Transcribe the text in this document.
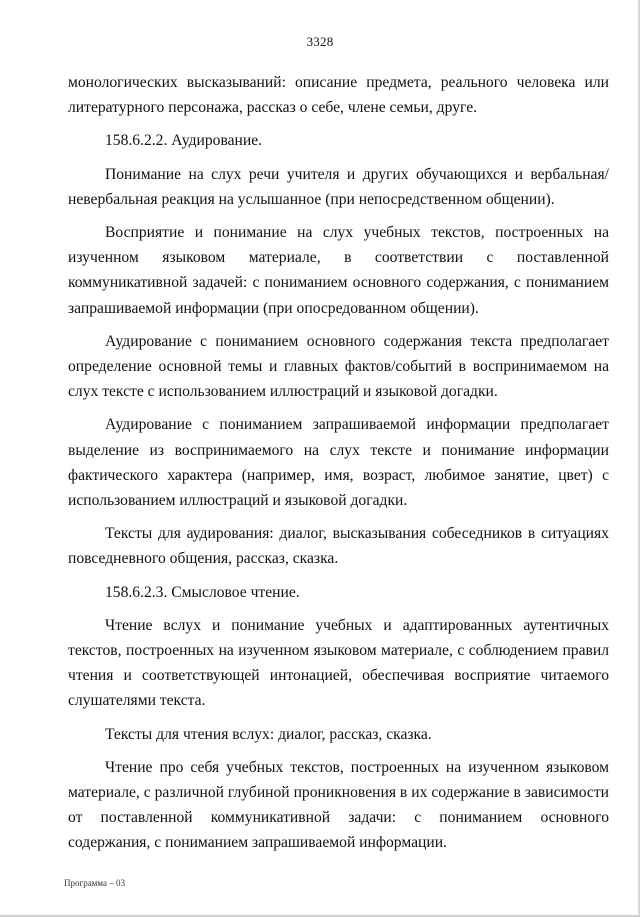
3328

монологических высказываний: описание предмета, реального человека или литературного персонажа, рассказ о себе, члене семьи, друге.

158.6.2.2. Аудирование.

Понимание на слух речи учителя и других обучающихся и вербальная/невербальная реакция на услышанное (при непосредственном общении).

Восприятие и понимание на слух учебных текстов, построенных на изученном языковом материале, в соответствии с поставленной коммуникативной задачей: с пониманием основного содержания, с пониманием запрашиваемой информации (при опосредованном общении).

Аудирование с пониманием основного содержания текста предполагает определение основной темы и главных фактов/событий в воспринимаемом на слух тексте с использованием иллюстраций и языковой догадки.

Аудирование с пониманием запрашиваемой информации предполагает выделение из воспринимаемого на слух тексте и понимание информации фактического характера (например, имя, возраст, любимое занятие, цвет) с использованием иллюстраций и языковой догадки.

Тексты для аудирования: диалог, высказывания собеседников в ситуациях повседневного общения, рассказ, сказка.

158.6.2.3. Смысловое чтение.

Чтение вслух и понимание учебных и адаптированных аутентичных текстов, построенных на изученном языковом материале, с соблюдением правил чтения и соответствующей интонацией, обеспечивая восприятие читаемого слушателями текста.

Тексты для чтения вслух: диалог, рассказ, сказка.

Чтение про себя учебных текстов, построенных на изученном языковом материале, с различной глубиной проникновения в их содержание в зависимости от поставленной коммуникативной задачи: с пониманием основного содержания, с пониманием запрашиваемой информации.

Программа – 03
